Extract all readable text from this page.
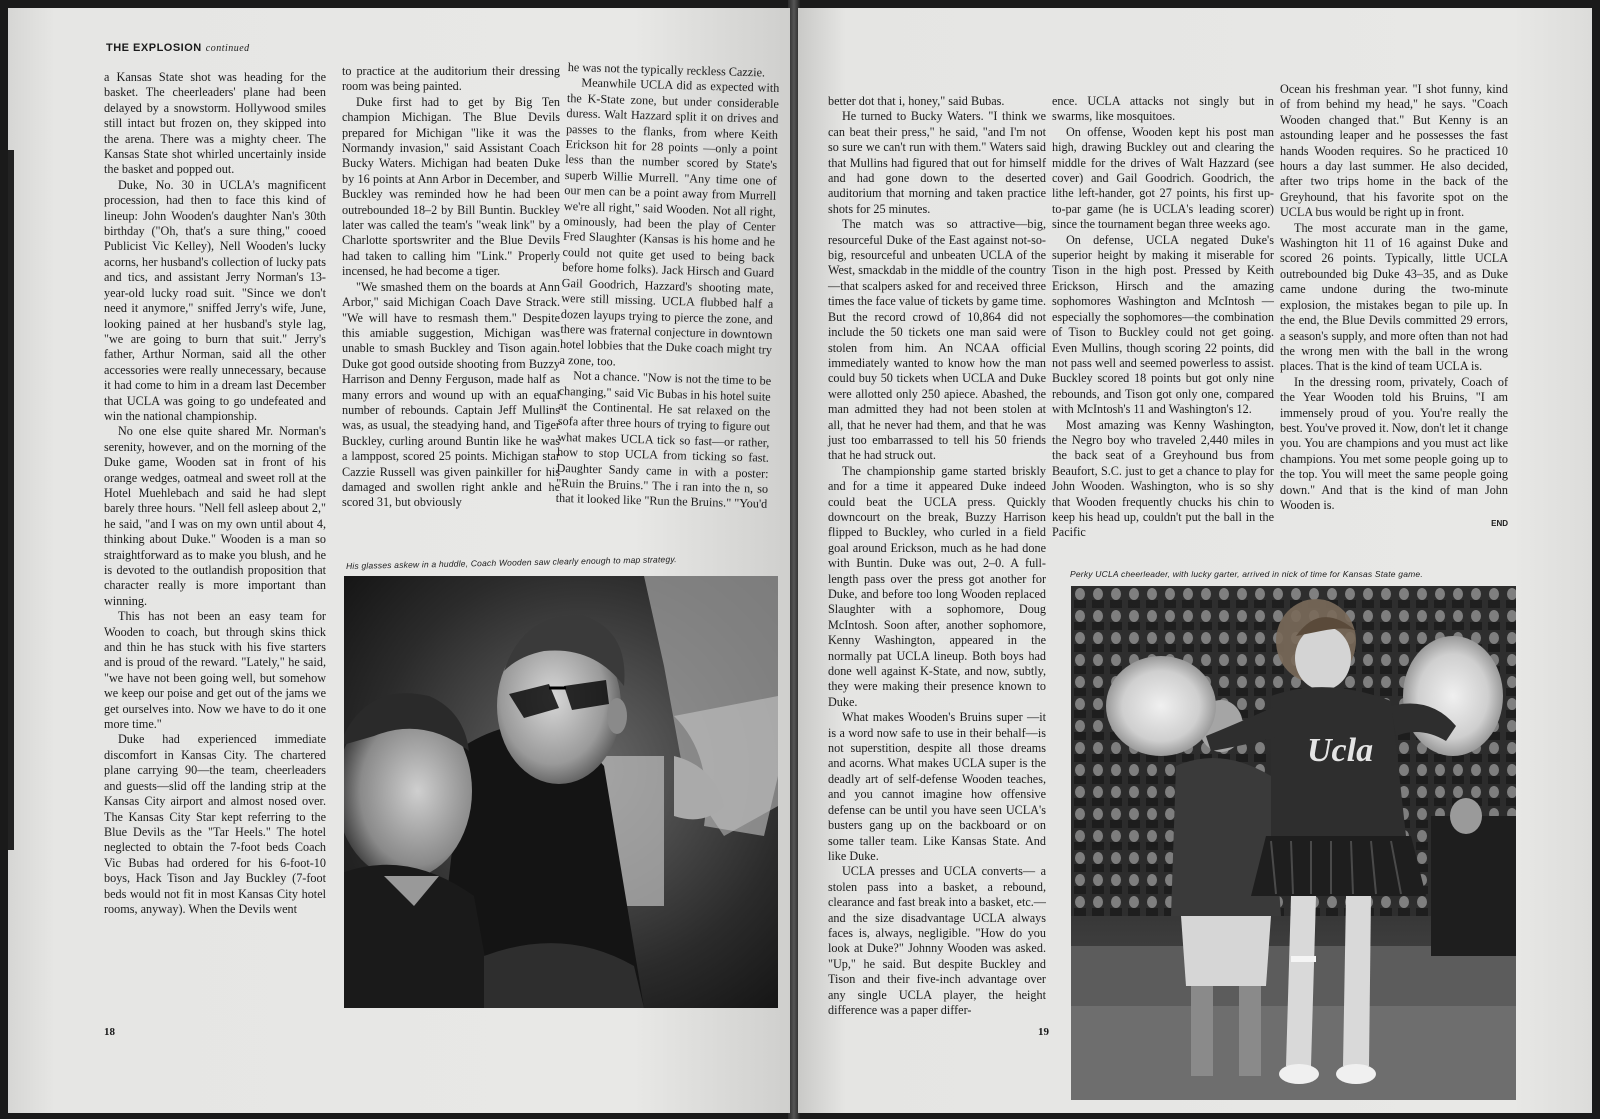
THE EXPLOSION continued

a Kansas State shot was heading for the basket. The cheerleaders' plane had been delayed by a snowstorm. Hollywood smiles still intact but frozen on, they skipped into the arena. There was a mighty cheer. The Kansas State shot whirled uncertainly inside the basket and popped out.

Duke, No. 30 in UCLA's magnificent procession, had then to face this kind of lineup: John Wooden's daughter Nan's 30th birthday ("Oh, that's a sure thing," cooed Publicist Vic Kelley), Nell Wooden's lucky acorns, her husband's collection of lucky pats and tics, and assistant Jerry Norman's 13-year-old lucky road suit. "Since we don't need it anymore," sniffed Jerry's wife, June, looking pained at her husband's style lag, "we are going to burn that suit." Jerry's father, Arthur Norman, said all the other accessories were really unnecessary, because it had come to him in a dream last December that UCLA was going to go undefeated and win the national championship.

No one else quite shared Mr. Norman's serenity, however, and on the morning of the Duke game, Wooden sat in front of his orange wedges, oatmeal and sweet roll at the Hotel Muehlebach and said he had slept barely three hours. "Nell fell asleep about 2," he said, "and I was on my own until about 4, thinking about Duke." Wooden is a man so straightforward as to make you blush, and he is devoted to the outlandish proposition that character really is more important than winning.

This has not been an easy team for Wooden to coach, but through skins thick and thin he has stuck with his five starters and is proud of the reward. "Lately," he said, "we have not been going well, but somehow we keep our poise and get out of the jams we get ourselves into. Now we have to do it one more time."

Duke had experienced immediate discomfort in Kansas City. The chartered plane carrying 90—the team, cheerleaders and guests—slid off the landing strip at the Kansas City airport and almost nosed over. The Kansas City Star kept referring to the Blue Devils as the "Tar Heels." The hotel neglected to obtain the 7-foot beds Coach Vic Bubas had ordered for his 6-foot-10 boys, Hack Tison and Jay Buckley (7-foot beds would not fit in most Kansas City hotel rooms, anyway). When the Devils went

to practice at the auditorium their dressing room was being painted.

Duke first had to get by Big Ten champion Michigan. The Blue Devils prepared for Michigan "like it was the Normandy invasion," said Assistant Coach Bucky Waters. Michigan had beaten Duke by 16 points at Ann Arbor in December, and Buckley was reminded how he had been outrebounded 18–2 by Bill Buntin. Buckley later was called the team's "weak link" by a Charlotte sportswriter and the Blue Devils had taken to calling him "Link." Properly incensed, he had become a tiger.

"We smashed them on the boards at Ann Arbor," said Michigan Coach Dave Strack. "We will have to resmash them." Despite this amiable suggestion, Michigan was unable to smash Buckley and Tison again. Duke got good outside shooting from Buzzy Harrison and Denny Ferguson, made half as many errors and wound up with an equal number of rebounds. Captain Jeff Mullins was, as usual, the steadying hand, and Tiger Buckley, curling around Buntin like he was a lamppost, scored 25 points. Michigan star Cazzie Russell was given painkiller for his damaged and swollen right ankle and he scored 31, but obviously

he was not the typically reckless Cazzie.

Meanwhile UCLA did as expected with the K-State zone, but under considerable duress. Walt Hazzard split it on drives and passes to the flanks, from where Keith Erickson hit for 28 points —only a point less than the number scored by State's superb Willie Murrell. "Any time one of our men can be a point away from Murrell we're all right," said Wooden. Not all right, ominously, had been the play of Center Fred Slaughter (Kansas is his home and he could not quite get used to being back before home folks). Jack Hirsch and Guard Gail Goodrich, Hazzard's shooting mate, were still missing. UCLA flubbed half a dozen layups trying to pierce the zone, and there was fraternal conjecture in downtown hotel lobbies that the Duke coach might try a zone, too.

Not a chance. "Now is not the time to be changing," said Vic Bubas in his hotel suite at the Continental. He sat relaxed on the sofa after three hours of trying to figure out what makes UCLA tick so fast—or rather, how to stop UCLA from ticking so fast. Daughter Sandy came in with a poster: "Ruin the Bruins." The i ran into the n, so that it looked like "Run the Bruins." "You'd

His glasses askew in a huddle, Coach Wooden saw clearly enough to map strategy.
18

better dot that i, honey," said Bubas.

He turned to Bucky Waters. "I think we can beat their press," he said, "and I'm not so sure we can't run with them." Waters said that Mullins had figured that out for himself and had gone down to the deserted auditorium that morning and taken practice shots for 25 minutes.

The match was so attractive—big, resourceful Duke of the East against not-so-big, resourceful and unbeaten UCLA of the West, smackdab in the middle of the country—that scalpers asked for and received three times the face value of tickets by game time. But the record crowd of 10,864 did not include the 50 tickets one man said were stolen from him. An NCAA official immediately wanted to know how the man could buy 50 tickets when UCLA and Duke were allotted only 250 apiece. Abashed, the man admitted they had not been stolen at all, that he never had them, and that he was just too embarrassed to tell his 50 friends that he had struck out.

The championship game started briskly and for a time it appeared Duke indeed could beat the UCLA press. Quickly downcourt on the break, Buzzy Harrison flipped to Buckley, who curled in a field goal around Erickson, much as he had done with Buntin. Duke was out, 2–0. A full-length pass over the press got another for Duke, and before too long Wooden replaced Slaughter with a sophomore, Doug McIntosh. Soon after, another sophomore, Kenny Washington, appeared in the normally pat UCLA lineup. Both boys had done well against K-State, and now, subtly, they were making their presence known to Duke.

What makes Wooden's Bruins super —it is a word now safe to use in their behalf—is not superstition, despite all those dreams and acorns. What makes UCLA super is the deadly art of self-defense Wooden teaches, and you cannot imagine how offensive defense can be until you have seen UCLA's busters gang up on the backboard or on some taller team. Like Kansas State. And like Duke.

UCLA presses and UCLA converts— a stolen pass into a basket, a rebound, clearance and fast break into a basket, etc.—and the size disadvantage UCLA always faces is, always, negligible. "How do you look at Duke?" Johnny Wooden was asked. "Up," he said. But despite Buckley and Tison and their five-inch advantage over any single UCLA player, the height difference was a paper differ-

ence. UCLA attacks not singly but in swarms, like mosquitoes.

On offense, Wooden kept his post man high, drawing Buckley out and clearing the middle for the drives of Walt Hazzard (see cover) and Gail Goodrich. Goodrich, the lithe left-hander, got 27 points, his first up-to-par game (he is UCLA's leading scorer) since the tournament began three weeks ago.

On defense, UCLA negated Duke's superior height by making it miserable for Tison in the high post. Pressed by Keith Erickson, Hirsch and the amazing sophomores Washington and McIntosh —especially the sophomores—the combination of Tison to Buckley could not get going. Even Mullins, though scoring 22 points, did not pass well and seemed powerless to assist. Buckley scored 18 points but got only nine rebounds, and Tison got only one, compared with McIntosh's 11 and Washington's 12.

Most amazing was Kenny Washington, the Negro boy who traveled 2,440 miles in the back seat of a Greyhound bus from Beaufort, S.C. just to get a chance to play for John Wooden. Washington, who is so shy that Wooden frequently chucks his chin to keep his head up, couldn't put the ball in the Pacific

Ocean his freshman year. "I shot funny, kind of from behind my head," he says. "Coach Wooden changed that." But Kenny is an astounding leaper and he possesses the fast hands Wooden requires. So he practiced 10 hours a day last summer. He also decided, after two trips home in the back of the Greyhound, that his favorite spot on the UCLA bus would be right up in front.

The most accurate man in the game, Washington hit 11 of 16 against Duke and scored 26 points. Typically, little UCLA outrebounded big Duke 43–35, and as Duke came undone during the two-minute explosion, the mistakes began to pile up. In the end, the Blue Devils committed 29 errors, a season's supply, and more often than not had the wrong men with the ball in the wrong places. That is the kind of team UCLA is.

In the dressing room, privately, Coach of the Year Wooden told his Bruins, "I am immensely proud of you. You're really the best. You've proved it. Now, don't let it change you. You are champions and you must act like champions. You met some people going up to the top. You will meet the same people going down." And that is the kind of man John Wooden is.

END

Perky UCLA cheerleader, with lucky garter, arrived in nick of time for Kansas State game.
Ucla
19
